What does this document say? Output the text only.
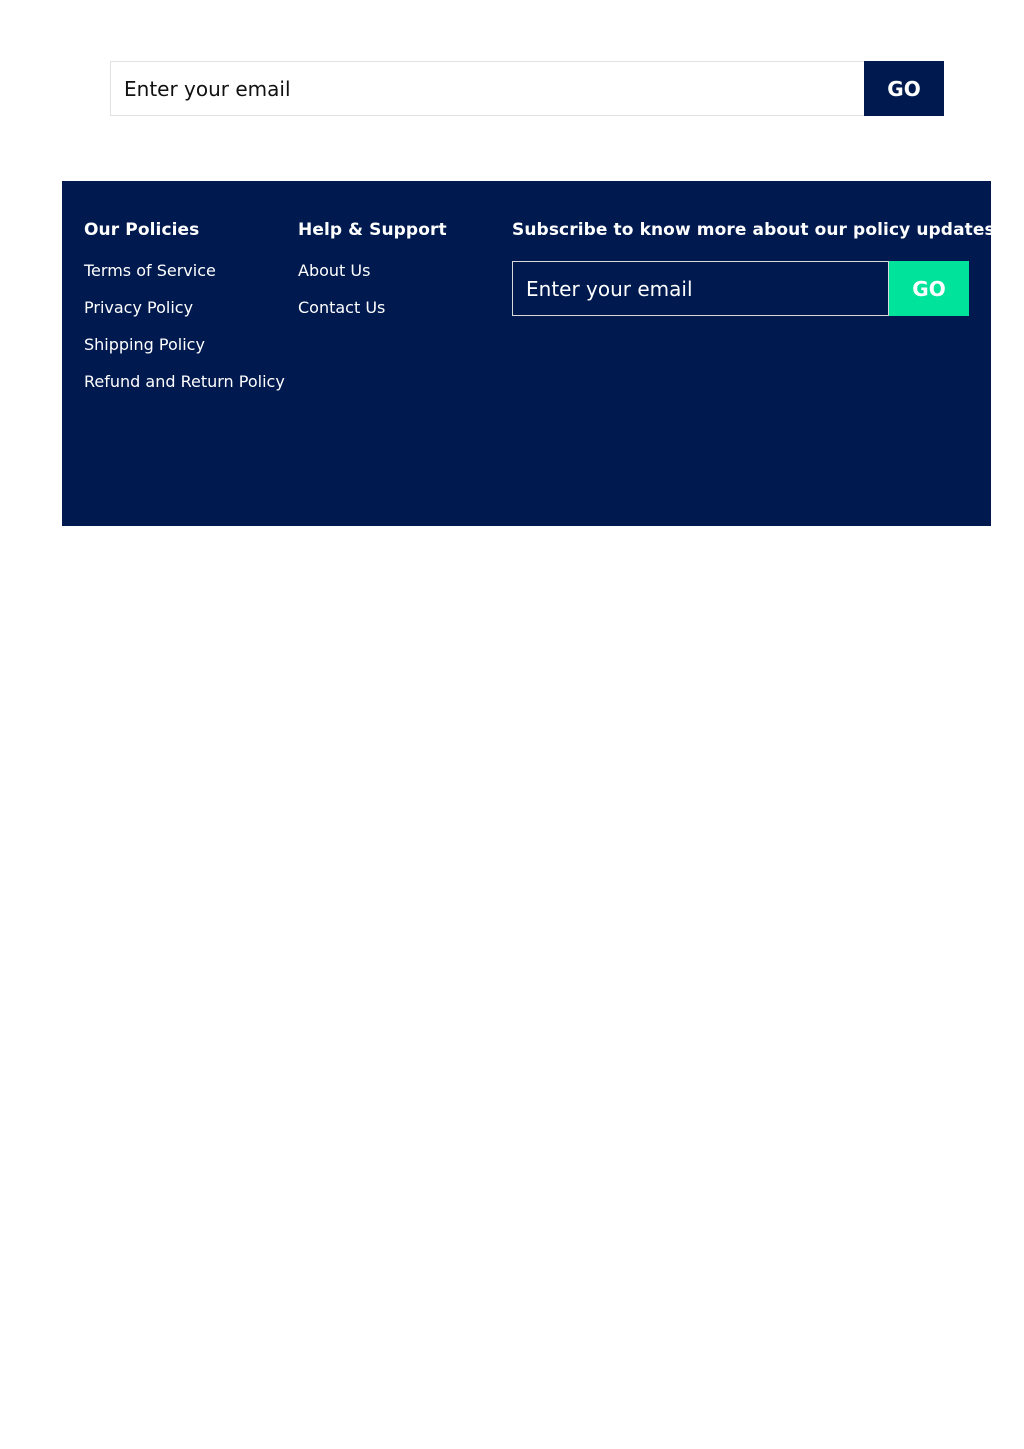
Enter your email
GO
Our Policies
Terms of Service
Privacy Policy
Shipping Policy
Refund and Return Policy
Help & Support
About Us
Contact Us
Subscribe to know more about our policy updates
Enter your email
GO
